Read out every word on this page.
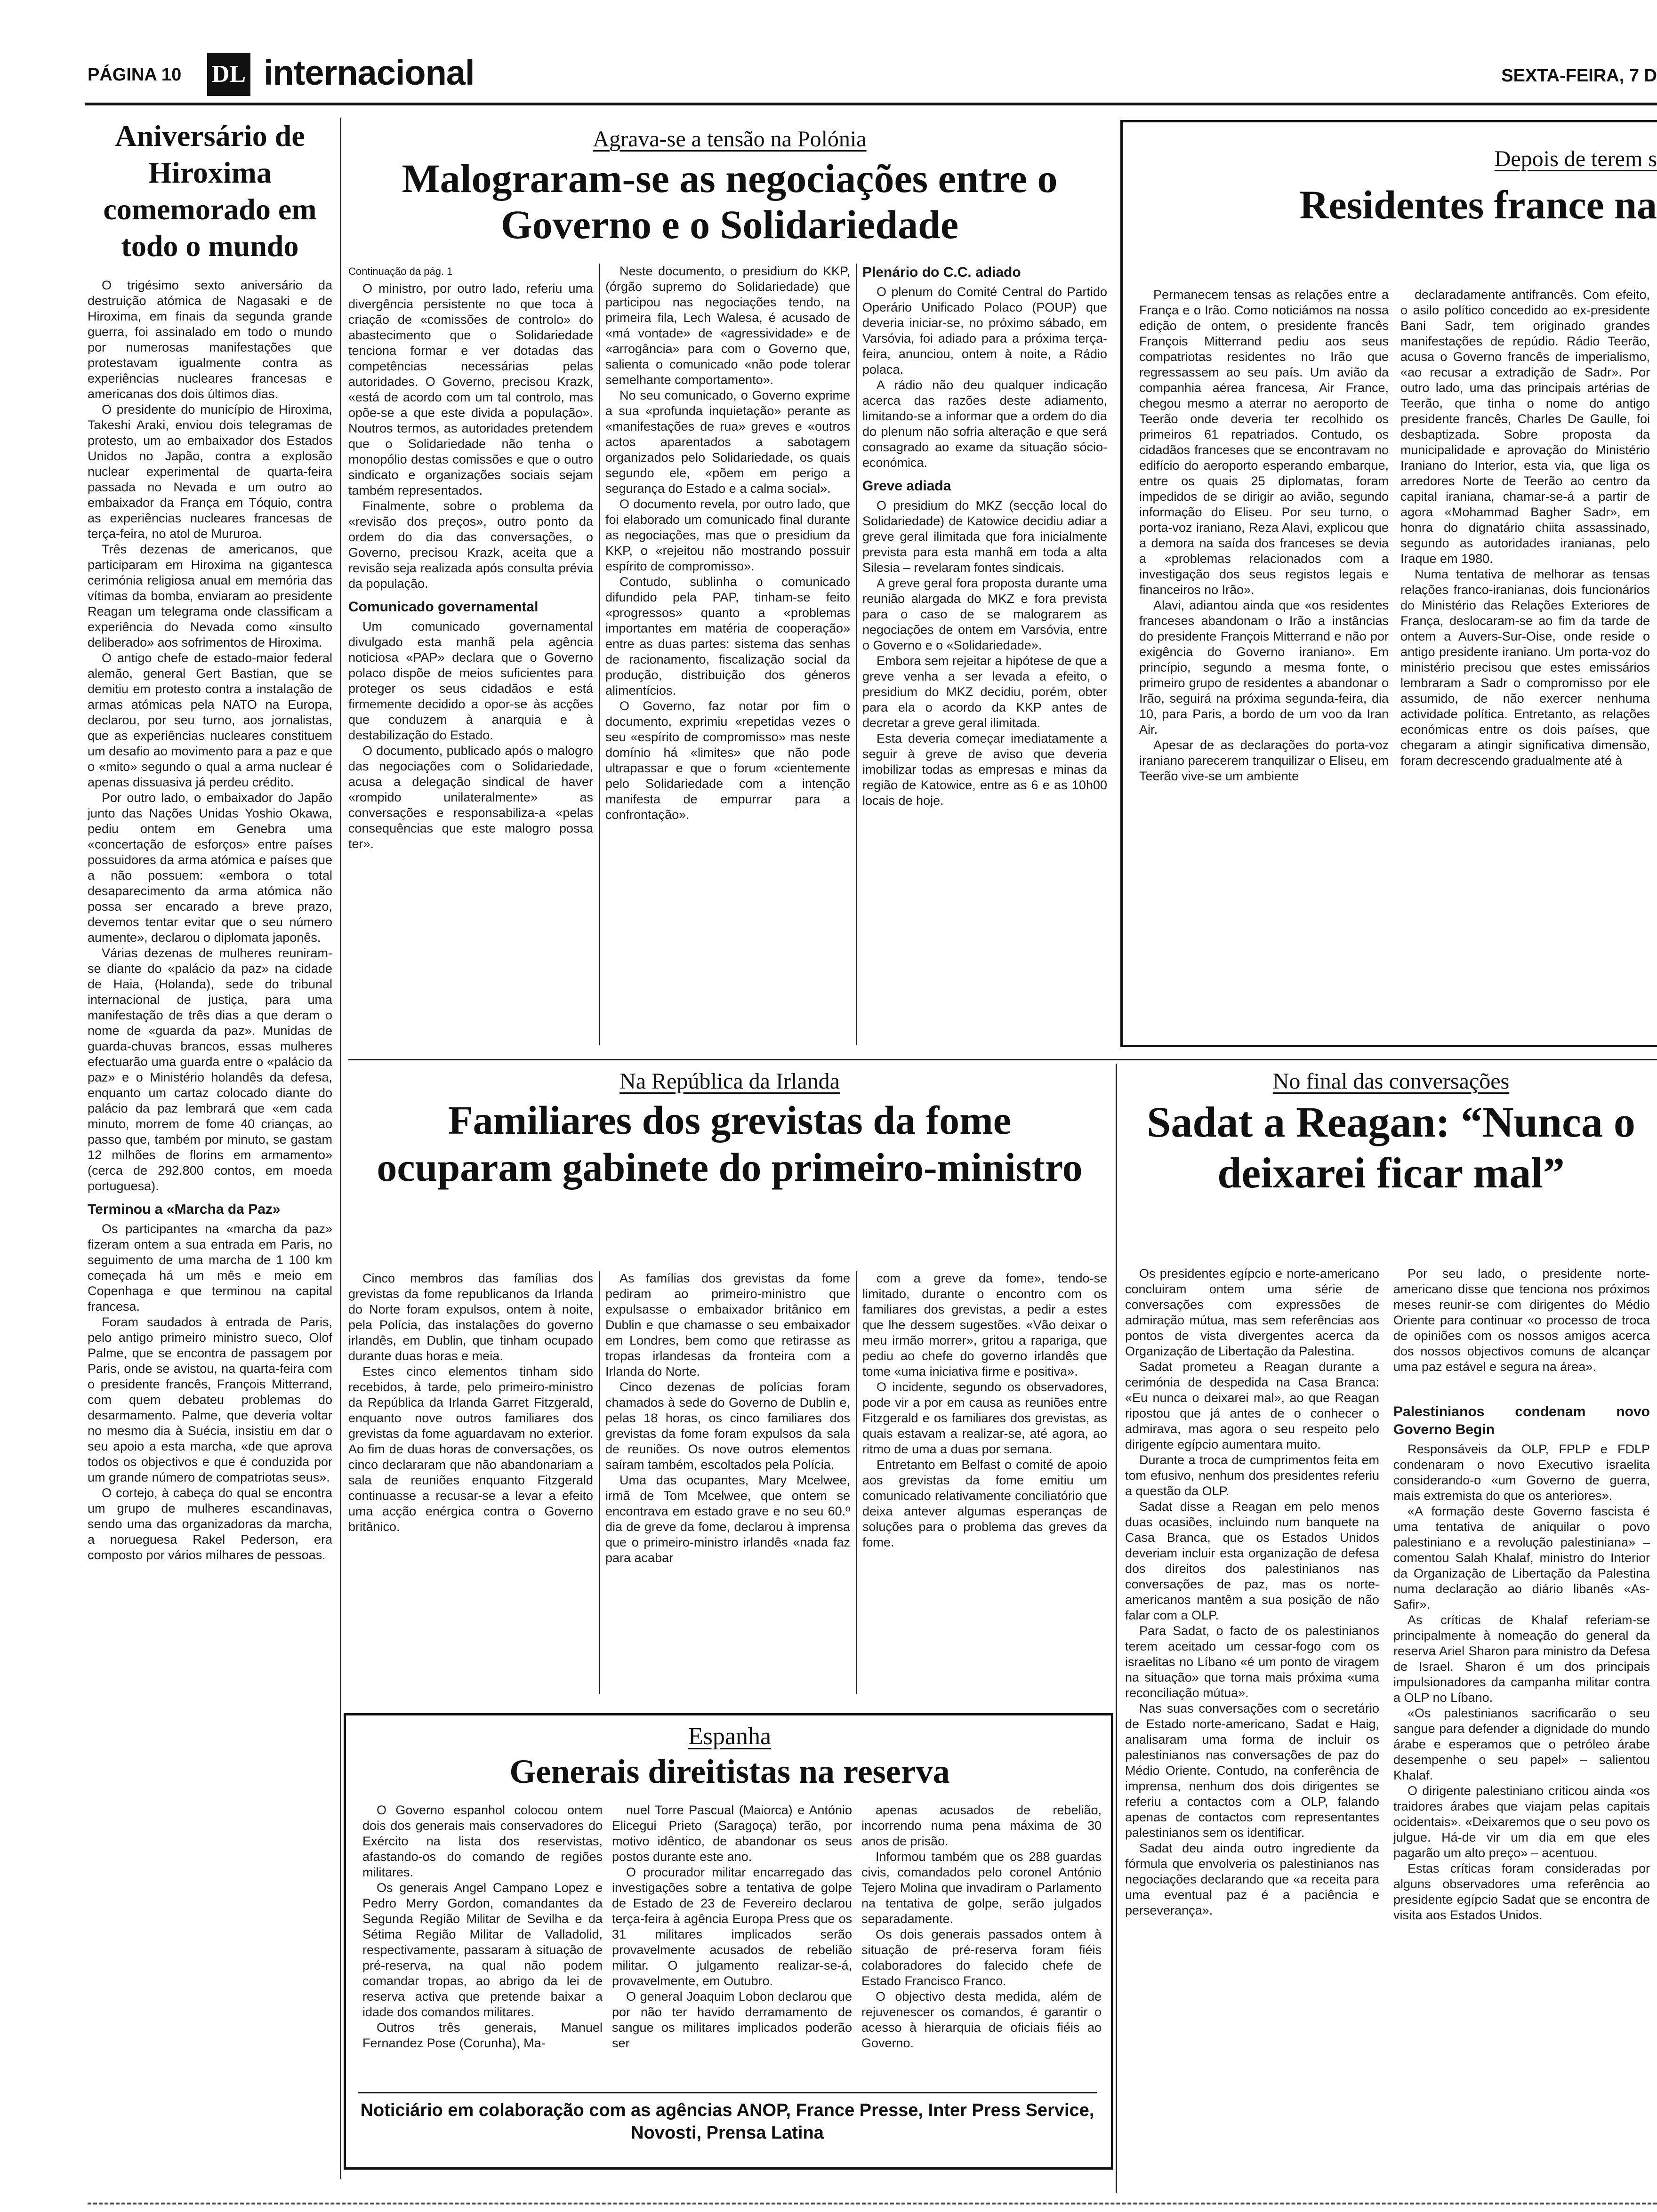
PÁGINA 10 DL internacional	SEXTA-FEIRA, 7 D
Aniversário de Hiroxima comemorado em todo o mundo

O trigésimo sexto aniversário da destruição atómica de Nagasaki e de Hiroxima, em finais da segunda grande guerra, foi assinalado em todo o mundo por numerosas manifestações que protestavam igualmente contra as experiências nucleares francesas e americanas dos dois últimos dias.

O presidente do município de Hiroxima, Takeshi Araki, enviou dois telegramas de protesto, um ao embaixador dos Estados Unidos no Japão, contra a explosão nuclear experimental de quarta-feira passada no Nevada e um outro ao embaixador da França em Tóquio, contra as experiências nucleares francesas de terça-feira, no atol de Mururoa.

Três dezenas de americanos, que participaram em Hiroxima na gigantesca cerimónia religiosa anual em memória das vítimas da bomba, enviaram ao presidente Reagan um telegrama onde classificam a experiência do Nevada como «insulto deliberado» aos sofrimentos de Hiroxima.

O antigo chefe de estado-maior federal alemão, general Gert Bastian, que se demitiu em protesto contra a instalação de armas atómicas pela NATO na Europa, declarou, por seu turno, aos jornalistas, que as experiências nucleares constituem um desafio ao movimento para a paz e que o «mito» segundo o qual a arma nuclear é apenas dissuasiva já perdeu crédito.

Por outro lado, o embaixador do Japão junto das Nações Unidas Yoshio Okawa, pediu ontem em Genebra uma «concertação de esforços» entre países possuidores da arma atómica e países que a não possuem: «embora o total desaparecimento da arma atómica não possa ser encarado a breve prazo, devemos tentar evitar que o seu número aumente», declarou o diplomata japonês.

Várias dezenas de mulheres reuniram-se diante do «palácio da paz» na cidade de Haia, (Holanda), sede do tribunal internacional de justiça, para uma manifestação de três dias a que deram o nome de «guarda da paz». Munidas de guarda-chuvas brancos, essas mulheres efectuarão uma guarda entre o «palácio da paz» e o Ministério holandês da defesa, enquanto um cartaz colocado diante do palácio da paz lembrará que «em cada minuto, morrem de fome 40 crianças, ao passo que, também por minuto, se gastam 12 milhões de florins em armamento» (cerca de 292.800 contos, em moeda portuguesa).

Terminou a «Marcha da Paz»

Os participantes na «marcha da paz» fizeram ontem a sua entrada em Paris, no seguimento de uma marcha de 1 100 km começada há um mês e meio em Copenhaga e que terminou na capital francesa.

Foram saudados à entrada de Paris, pelo antigo primeiro ministro sueco, Olof Palme, que se encontra de passagem por Paris, onde se avistou, na quarta-feira com o presidente francês, François Mitterrand, com quem debateu problemas do desarmamento. Palme, que deveria voltar no mesmo dia à Suécia, insistiu em dar o seu apoio a esta marcha, «de que aprova todos os objectivos e que é conduzida por um grande número de compatriotas seus».

O cortejo, à cabeça do qual se encontra um grupo de mulheres escandinavas, sendo uma das organizadoras da marcha, a norueguesa Rakel Pederson, era composto por vários milhares de pessoas.

Agrava-se a tensão na Polónia
Malograram-se as negociações entre o Governo e o Solidariedade
Continuação da pág. 1

O ministro, por outro lado, referiu uma divergência persistente no que toca à criação de «comissões de controlo» do abastecimento que o Solidariedade tenciona formar e ver dotadas das competências necessárias pelas autoridades. O Governo, precisou Krazk, «está de acordo com um tal controlo, mas opõe-se a que este divida a população». Noutros termos, as autoridades pretendem que o Solidariedade não tenha o monopólio destas comissões e que o outro sindicato e organizações sociais sejam também representados.

Finalmente, sobre o problema da «revisão dos preços», outro ponto da ordem do dia das conversações, o Governo, precisou Krazk, aceita que a revisão seja realizada após consulta prévia da população.

Comunicado governamental

Um comunicado governamental divulgado esta manhã pela agência noticiosa «PAP» declara que o Governo polaco dispõe de meios suficientes para proteger os seus cidadãos e está firmemente decidido a opor-se às acções que conduzem à anarquia e à destabilização do Estado.

O documento, publicado após o malogro das negociações com o Solidariedade, acusa a delegação sindical de haver «rompido unilateralmente» as conversações e responsabiliza-a «pelas consequências que este malogro possa ter».

Neste documento, o presidium do KKP, (órgão supremo do Solidariedade) que participou nas negociações tendo, na primeira fila, Lech Walesa, é acusado de «má vontade» de «agressividade» e de «arrogância» para com o Governo que, salienta o comunicado «não pode tolerar semelhante comportamento».

No seu comunicado, o Governo exprime a sua «profunda inquietação» perante as «manifestações de rua» greves e «outros actos aparentados a sabotagem organizados pelo Solidariedade, os quais segundo ele, «põem em perigo a segurança do Estado e a calma social».

O documento revela, por outro lado, que foi elaborado um comunicado final durante as negociações, mas que o presidium da KKP, o «rejeitou não mostrando possuir espírito de compromisso».

Contudo, sublinha o comunicado difundido pela PAP, tinham-se feito «progressos» quanto a «problemas importantes em matéria de cooperação» entre as duas partes: sistema das senhas de racionamento, fiscalização social da produção, distribuição dos géneros alimentícios.

O Governo, faz notar por fim o documento, exprimiu «repetidas vezes o seu «espírito de compromisso» mas neste domínio há «limites» que não pode ultrapassar e que o forum «cientemente pelo Solidariedade com a intenção manifesta de empurrar para a confrontação».

Plenário do C.C. adiado

O plenum do Comité Central do Partido Operário Unificado Polaco (POUP) que deveria iniciar-se, no próximo sábado, em Varsóvia, foi adiado para a próxima terça-feira, anunciou, ontem à noite, a Rádio polaca.

A rádio não deu qualquer indicação acerca das razões deste adiamento, limitando-se a informar que a ordem do dia do plenum não sofria alteração e que será consagrado ao exame da situação sócio-económica.

Greve adiada

O presidium do MKZ (secção local do Solidariedade) de Katowice decidiu adiar a greve geral ilimitada que fora inicialmente prevista para esta manhã em toda a alta Silesia – revelaram fontes sindicais.

A greve geral fora proposta durante uma reunião alargada do MKZ e fora prevista para o caso de se malograrem as negociações de ontem em Varsóvia, entre o Governo e o «Solidariedade».

Embora sem rejeitar a hipótese de que a greve venha a ser levada a efeito, o presidium do MKZ decidiu, porém, obter para ela o acordo da KKP antes de decretar a greve geral ilimitada.

Esta deveria começar imediatamente a seguir à greve de aviso que deveria imobilizar todas as empresas e minas da região de Katowice, entre as 6 e as 10h00 locais de hoje.

Depois de terem s
Residentes france na

Permanecem tensas as relações entre a França e o Irão. Como noticiámos na nossa edição de ontem, o presidente francês François Mitterrand pediu aos seus compatriotas residentes no Irão que regressassem ao seu país. Um avião da companhia aérea francesa, Air France, chegou mesmo a aterrar no aeroporto de Teerão onde deveria ter recolhido os primeiros 61 repatriados. Contudo, os cidadãos franceses que se encontravam no edifício do aeroporto esperando embarque, entre os quais 25 diplomatas, foram impedidos de se dirigir ao avião, segundo informação do Eliseu. Por seu turno, o porta-voz iraniano, Reza Alavi, explicou que a demora na saída dos franceses se devia a «problemas relacionados com a investigação dos seus registos legais e financeiros no Irão».

Alavi, adiantou ainda que «os residentes franceses abandonam o Irão a instâncias do presidente François Mitterrand e não por exigência do Governo iraniano». Em princípio, segundo a mesma fonte, o primeiro grupo de residentes a abandonar o Irão, seguirá na próxima segunda-feira, dia 10, para Paris, a bordo de um voo da Iran Air.

Apesar de as declarações do porta-voz iraniano parecerem tranquilizar o Eliseu, em Teerão vive-se um ambiente

declaradamente antifrancês. Com efeito, o asilo político concedido ao ex-presidente Bani Sadr, tem originado grandes manifestações de repúdio. Rádio Teerão, acusa o Governo francês de imperialismo, «ao recusar a extradição de Sadr». Por outro lado, uma das principais artérias de Teerão, que tinha o nome do antigo presidente francês, Charles De Gaulle, foi desbaptizada. Sobre proposta da municipalidade e aprovação do Ministério Iraniano do Interior, esta via, que liga os arredores Norte de Teerão ao centro da capital iraniana, chamar-se-á a partir de agora «Mohammad Bagher Sadr», em honra do dignatário chiita assassinado, segundo as autoridades iranianas, pelo Iraque em 1980.

Numa tentativa de melhorar as tensas relações franco-iranianas, dois funcionários do Ministério das Relações Exteriores de França, deslocaram-se ao fim da tarde de ontem a Auvers-Sur-Oise, onde reside o antigo presidente iraniano. Um porta-voz do ministério precisou que estes emissários lembraram a Sadr o compromisso por ele assumido, de não exercer nenhuma actividade política. Entretanto, as relações económicas entre os dois países, que chegaram a atingir significativa dimensão, foram decrescendo gradualmente até à

Na República da Irlanda
Familiares dos grevistas da fome ocuparam gabinete do primeiro-ministro

Cinco membros das famílias dos grevistas da fome republicanos da Irlanda do Norte foram expulsos, ontem à noite, pela Polícia, das instalações do governo irlandês, em Dublin, que tinham ocupado durante duas horas e meia.

Estes cinco elementos tinham sido recebidos, à tarde, pelo primeiro-ministro da República da Irlanda Garret Fitzgerald, enquanto nove outros familiares dos grevistas da fome aguardavam no exterior. Ao fim de duas horas de conversações, os cinco declararam que não abandonariam a sala de reuniões enquanto Fitzgerald continuasse a recusar-se a levar a efeito uma acção enérgica contra o Governo britânico.

As famílias dos grevistas da fome pediram ao primeiro-ministro que expulsasse o embaixador britânico em Dublin e que chamasse o seu embaixador em Londres, bem como que retirasse as tropas irlandesas da fronteira com a Irlanda do Norte.

Cinco dezenas de polícias foram chamados à sede do Governo de Dublin e, pelas 18 horas, os cinco familiares dos grevistas da fome foram expulsos da sala de reuniões. Os nove outros elementos saíram também, escoltados pela Polícia.

Uma das ocupantes, Mary Mcelwee, irmã de Tom Mcelwee, que ontem se encontrava em estado grave e no seu 60.º dia de greve da fome, declarou à imprensa que o primeiro-ministro irlandês «nada faz para acabar

com a greve da fome», tendo-se limitado, durante o encontro com os familiares dos grevistas, a pedir a estes que lhe dessem sugestões. «Vão deixar o meu irmão morrer», gritou a rapariga, que pediu ao chefe do governo irlandês que tome «uma iniciativa firme e positiva».

O incidente, segundo os observadores, pode vir a por em causa as reuniões entre Fitzgerald e os familiares dos grevistas, as quais estavam a realizar-se, até agora, ao ritmo de uma a duas por semana.

Entretanto em Belfast o comité de apoio aos grevistas da fome emitiu um comunicado relativamente conciliatório que deixa antever algumas esperanças de soluções para o problema das greves da fome.

Espanha
Generais direitistas na reserva

O Governo espanhol colocou ontem dois dos generais mais conservadores do Exército na lista dos reservistas, afastando-os do comando de regiões militares.

Os generais Angel Campano Lopez e Pedro Merry Gordon, comandantes da Segunda Região Militar de Sevilha e da Sétima Região Militar de Valladolid, respectivamente, passaram à situação de pré-reserva, na qual não podem comandar tropas, ao abrigo da lei de reserva activa que pretende baixar a idade dos comandos militares.

Outros três generais, Manuel Fernandez Pose (Corunha), Ma-

nuel Torre Pascual (Maiorca) e António Elicegui Prieto (Saragoça) terão, por motivo idêntico, de abandonar os seus postos durante este ano.

O procurador militar encarregado das investigações sobre a tentativa de golpe de Estado de 23 de Fevereiro declarou terça-feira à agência Europa Press que os 31 militares implicados serão provavelmente acusados de rebelião militar. O julgamento realizar-se-á, provavelmente, em Outubro.

O general Joaquim Lobon declarou que por não ter havido derramamento de sangue os militares implicados poderão ser

apenas acusados de rebelião, incorrendo numa pena máxima de 30 anos de prisão.

Informou também que os 288 guardas civis, comandados pelo coronel António Tejero Molina que invadiram o Parlamento na tentativa de golpe, serão julgados separadamente.

Os dois generais passados ontem à situação de pré-reserva foram fiéis colaboradores do falecido chefe de Estado Francisco Franco.

O objectivo desta medida, além de rejuvenescer os comandos, é garantir o acesso à hierarquia de oficiais fiéis ao Governo.

Noticiário em colaboração com as agências ANOP, France Presse, Inter Press Service, Novosti, Prensa Latina
No final das conversações
Sadat a Reagan: “Nunca o deixarei ficar mal”

Os presidentes egípcio e norte-americano concluiram ontem uma série de conversações com expressões de admiração mútua, mas sem referências aos pontos de vista divergentes acerca da Organização de Libertação da Palestina.

Sadat prometeu a Reagan durante a cerimónia de despedida na Casa Branca: «Eu nunca o deixarei mal», ao que Reagan ripostou que já antes de o conhecer o admirava, mas agora o seu respeito pelo dirigente egípcio aumentara muito.

Durante a troca de cumprimentos feita em tom efusivo, nenhum dos presidentes referiu a questão da OLP.

Sadat disse a Reagan em pelo menos duas ocasiões, incluindo num banquete na Casa Branca, que os Estados Unidos deveriam incluir esta organização de defesa dos direitos dos palestinianos nas conversações de paz, mas os norte-americanos mantêm a sua posição de não falar com a OLP.

Para Sadat, o facto de os palestinianos terem aceitado um cessar-fogo com os israelitas no Líbano «é um ponto de viragem na situação» que torna mais próxima «uma reconciliação mútua».

Nas suas conversações com o secretário de Estado norte-americano, Sadat e Haig, analisaram uma forma de incluir os palestinianos nas conversações de paz do Médio Oriente. Contudo, na conferência de imprensa, nenhum dos dois dirigentes se referiu a contactos com a OLP, falando apenas de contactos com representantes palestinianos sem os identificar.

Sadat deu ainda outro ingrediente da fórmula que envolveria os palestinianos nas negociações declarando que «a receita para uma eventual paz é a paciência e perseverança».

Por seu lado, o presidente norte-americano disse que tenciona nos próximos meses reunir-se com dirigentes do Médio Oriente para continuar «o processo de troca de opiniões com os nossos amigos acerca dos nossos objectivos comuns de alcançar uma paz estável e segura na área».

Palestinianos condenam novo Governo Begin

Responsáveis da OLP, FPLP e FDLP condenaram o novo Executivo israelita considerando-o «um Governo de guerra, mais extremista do que os anteriores».

«A formação deste Governo fascista é uma tentativa de aniquilar o povo palestiniano e a revolução palestiniana» – comentou Salah Khalaf, ministro do Interior da Organização de Libertação da Palestina numa declaração ao diário libanês «As-Safir».

As críticas de Khalaf referiam-se principalmente à nomeação do general da reserva Ariel Sharon para ministro da Defesa de Israel. Sharon é um dos principais impulsionadores da campanha militar contra a OLP no Líbano.

«Os palestinianos sacrificarão o seu sangue para defender a dignidade do mundo árabe e esperamos que o petróleo árabe desempenhe o seu papel» – salientou Khalaf.

O dirigente palestiniano criticou ainda «os traidores árabes que viajam pelas capitais ocidentais». «Deixaremos que o seu povo os julgue. Há-de vir um dia em que eles pagarão um alto preço» – acentuou.

Estas críticas foram consideradas por alguns observadores uma referência ao presidente egípcio Sadat que se encontra de visita aos Estados Unidos.
